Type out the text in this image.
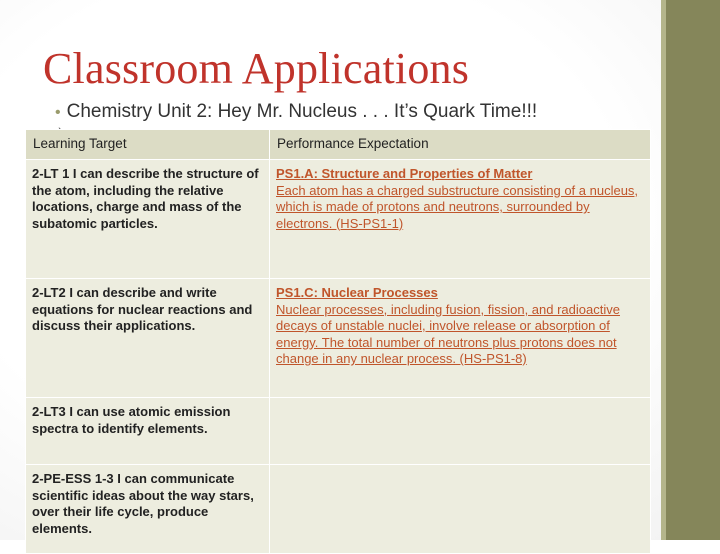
Classroom Applications
• Chemistry Unit 2: Hey Mr. Nucleus . . . It’s Quark Time!!!
Learning Target	Performance Expectation
2-LT 1 I can describe the structure of the atom, including the relative locations, charge and mass of the subatomic particles.	PS1.A: Structure and Properties of Matter
Each atom has a charged substructure consisting of a nucleus, which is made of protons and neutrons, surrounded by electrons. (HS-PS1-1)

2-LT2 I can describe and write equations for nuclear reactions and discuss their applications.	PS1.C: Nuclear Processes
Nuclear processes, including fusion, fission, and radioactive decays of unstable nuclei, involve release or absorption of energy. The total number of neutrons plus protons does not change in any nuclear process. (HS-PS1-8)

2-LT3 I can use atomic emission spectra to identify elements.	
2-PE-ESS 1-3 I can communicate scientific ideas about the way stars, over their life cycle, produce elements.	
